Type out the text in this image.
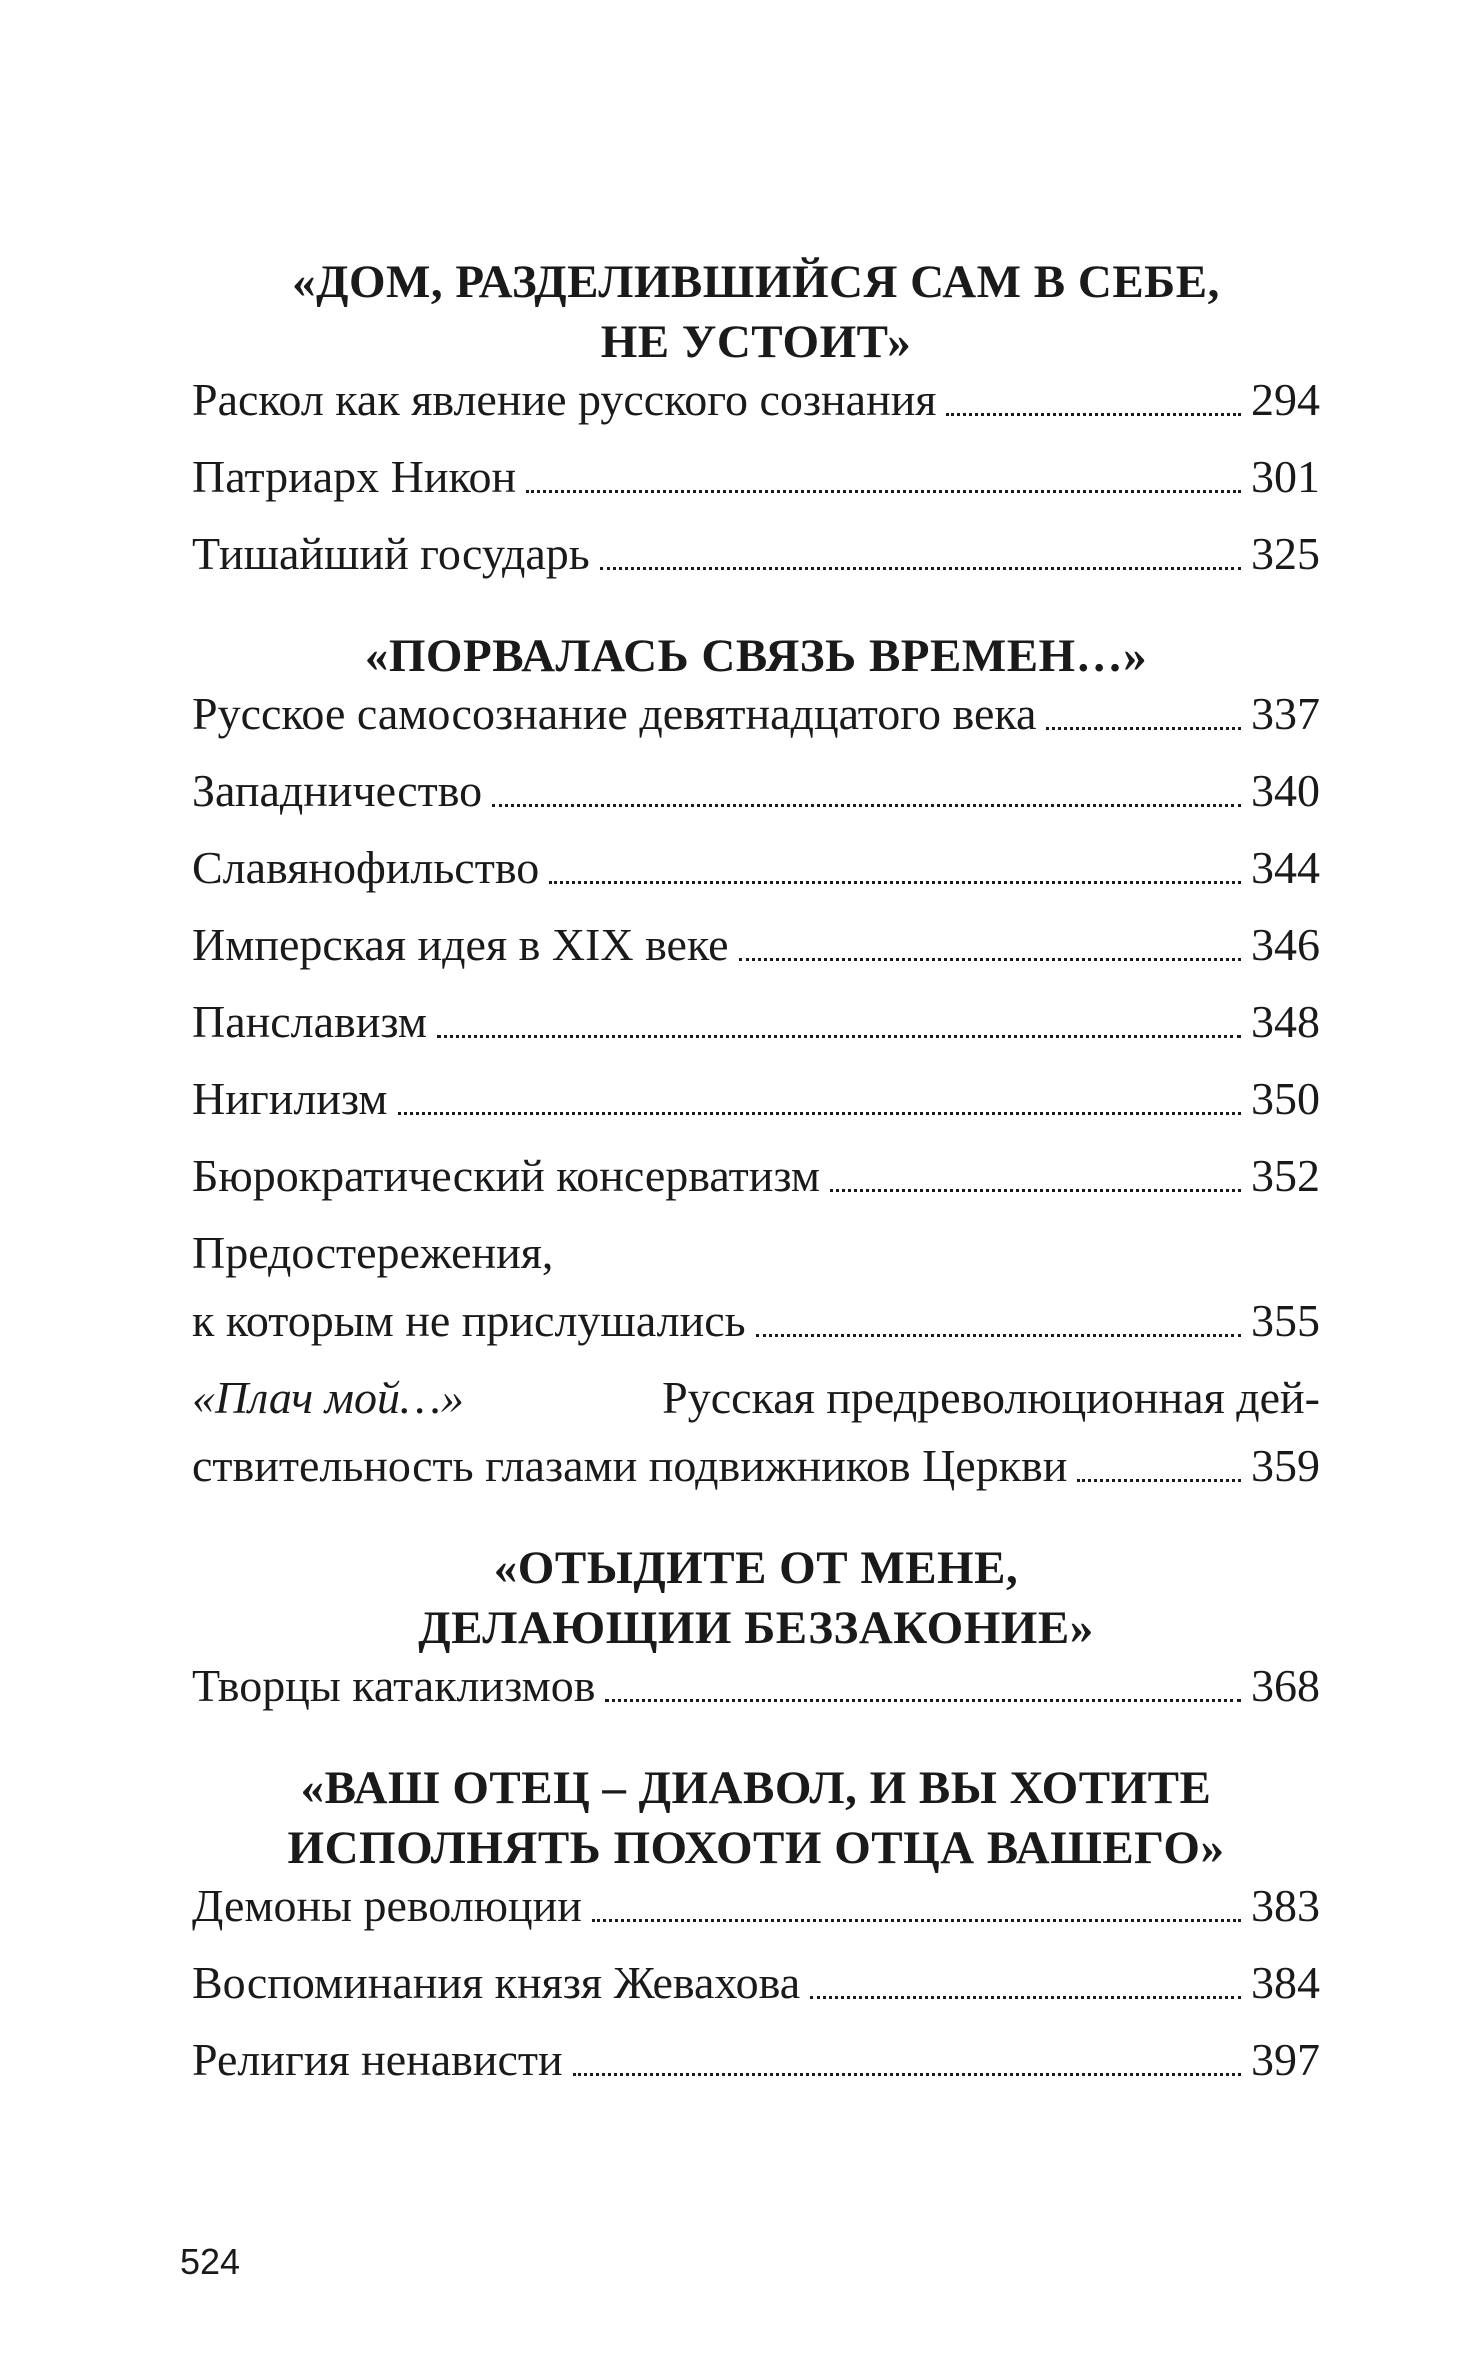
«ДОМ, РАЗДЕЛИВШИЙСЯ САМ В СЕБЕ,
НЕ УСТОИТ»
Раскол как явление русского сознания	294
Патриарх Никон	301
Тишайший государь	325
«ПОРВАЛАСЬ СВЯЗЬ ВРЕМЕН…»
Русское самосознание девятнадцатого века	337
Западничество	340
Славянофильство	344
Имперская идея в XIX веке	346
Панславизм	348
Нигилизм	350
Бюрократический консерватизм	352
Предостережения,
к которым не прислушались	355
«Плач мой…»	Русская предреволюционная дей-
ствительность глазами подвижников Церкви	359
«ОТЫДИТЕ ОТ МЕНЕ,
ДЕЛАЮЩИИ БЕЗЗАКОНИЕ»
Творцы катаклизмов	368
«ВАШ ОТЕЦ – ДИАВОЛ, И ВЫ ХОТИТЕ
ИСПОЛНЯТЬ ПОХОТИ ОТЦА ВАШЕГО»
Демоны революции	383
Воспоминания князя Жевахова	384
Религия ненависти	397
524
